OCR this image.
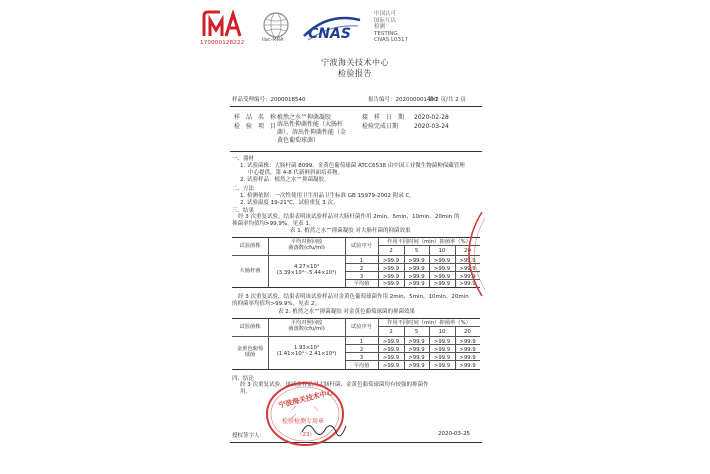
170000128222	ilac-MRA CNAS
中国认可
国际互认
检测
TESTING
CNAS L0317
宁波海关技术中心
检验报告
样品受理编号：2000018540	报告编号：202000001490
第 2 页/共 2 页
样　品　名　称 植然之水™抑菌凝胶	接　样　日　期 2020-02-28
检　验　项　目 溶出性抑菌性能（大肠杆
菌）、溶出性抑菌性能（金
黄色葡萄球菌）
检验完成日期	2020-03-24
一、器材
1. 试验菌株：大肠杆菌 8099、金黄色葡萄球菌 ATCC6538 由中国工业微生物菌种保藏管理
中心提供，第 4-8 代新鲜斜面培养物。
2. 试验样品：植然之水™抑菌凝胶。
二、方法
1. 检测依据：一次性使用卫生用品卫生标准 GB 15979-2002 附录 C。
2. 试验温度 19-21℃，试验重复 3 次。
三、结果
经 3 次重复试验，结果表明该试验样品对大肠杆菌作用 2min、5min、10min、20min 的
抑菌率均值均>99.9%，见表 1。
表 1. 植然之水™抑菌凝胶 对大肠杆菌的抑菌效果
试验菌株
平均对照回收
菌落数(cfu/ml)	试验序号
作用不同时间（min）抑菌率（%）
2	5	10	20
大肠杆菌
4.27×10⁴
(3.39×10⁴～5.44×10⁴)
1	>99.9	>99.9	>99.9	>99.9
2	>99.9	>99.9	>99.9	>99.9
3	>99.9	>99.9	>99.9	>99.9
平均值	>99.9	>99.9	>99.9	>99.9
经 3 次重复试验，结果表明该试验样品对金黄色葡萄球菌作用 2min、5min、10min、20min
的抑菌率均值均>99.9%。见表 2。
表 2. 植然之水™抑菌凝胶 对金黄色葡萄球菌的抑菌效果
试验菌株
平均对照回收
菌落数(cfu/ml)	试验序号
作用不同时间（min）抑菌率（%）
2	5	10	20
金黄色葡萄
球菌
1.93×10⁴
(1.41×10⁴～2.41×10⁴)
1	>99.9	>99.9	>99.9	>99.9
2	>99.9	>99.9	>99.9	>99.9
3	>99.9	>99.9	>99.9	>99.9
平均值	>99.9	>99.9	>99.9	>99.9
四、结论
经 3 次重复试验，该试验样品对大肠杆菌、金黄色葡萄球菌均有较强的抑菌作
用。
授权签字人：	2020-03-25
宁波海关技术中心
检验检测专用章
（23）
